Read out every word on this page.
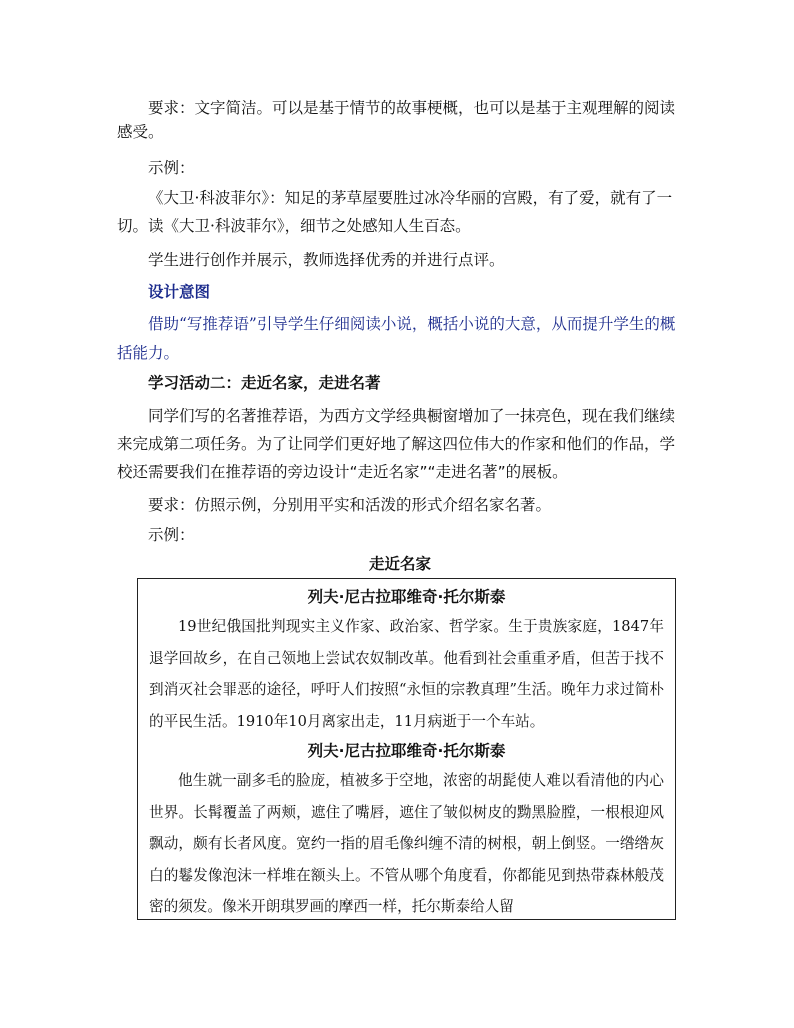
要求：文字简洁。可以是基于情节的故事梗概，也可以是基于主观理解的阅读感受。

示例：

《大卫·科波菲尔》：知足的茅草屋要胜过冰冷华丽的宫殿，有了爱，就有了一切。读《大卫·科波菲尔》，细节之处感知人生百态。

学生进行创作并展示，教师选择优秀的并进行点评。

设计意图

借助“写推荐语”引导学生仔细阅读小说，概括小说的大意，从而提升学生的概括能力。

学习活动二：走近名家，走进名著

同学们写的名著推荐语，为西方文学经典橱窗增加了一抹亮色，现在我们继续来完成第二项任务。为了让同学们更好地了解这四位伟大的作家和他们的作品，学校还需要我们在推荐语的旁边设计“走近名家”“走进名著”的展板。

要求：仿照示例，分别用平实和活泼的形式介绍名家名著。

示例：

走近名家

列夫·尼古拉耶维奇·托尔斯泰

19世纪俄国批判现实主义作家、政治家、哲学家。生于贵族家庭，1847年退学回故乡，在自己领地上尝试农奴制改革。他看到社会重重矛盾，但苦于找不到消灭社会罪恶的途径，呼吁人们按照“永恒的宗教真理”生活。晚年力求过简朴的平民生活。1910年10月离家出走，11月病逝于一个车站。

列夫·尼古拉耶维奇·托尔斯泰

他生就一副多毛的脸庞，植被多于空地，浓密的胡髭使人难以看清他的内心世界。长髯覆盖了两颊，遮住了嘴唇，遮住了皱似树皮的黝黑脸膛，一根根迎风飘动，颇有长者风度。宽约一指的眉毛像纠缠不清的树根，朝上倒竖。一绺绺灰白的鬈发像泡沫一样堆在额头上。不管从哪个角度看，你都能见到热带森林般茂密的须发。像米开朗琪罗画的摩西一样，托尔斯泰给人留
